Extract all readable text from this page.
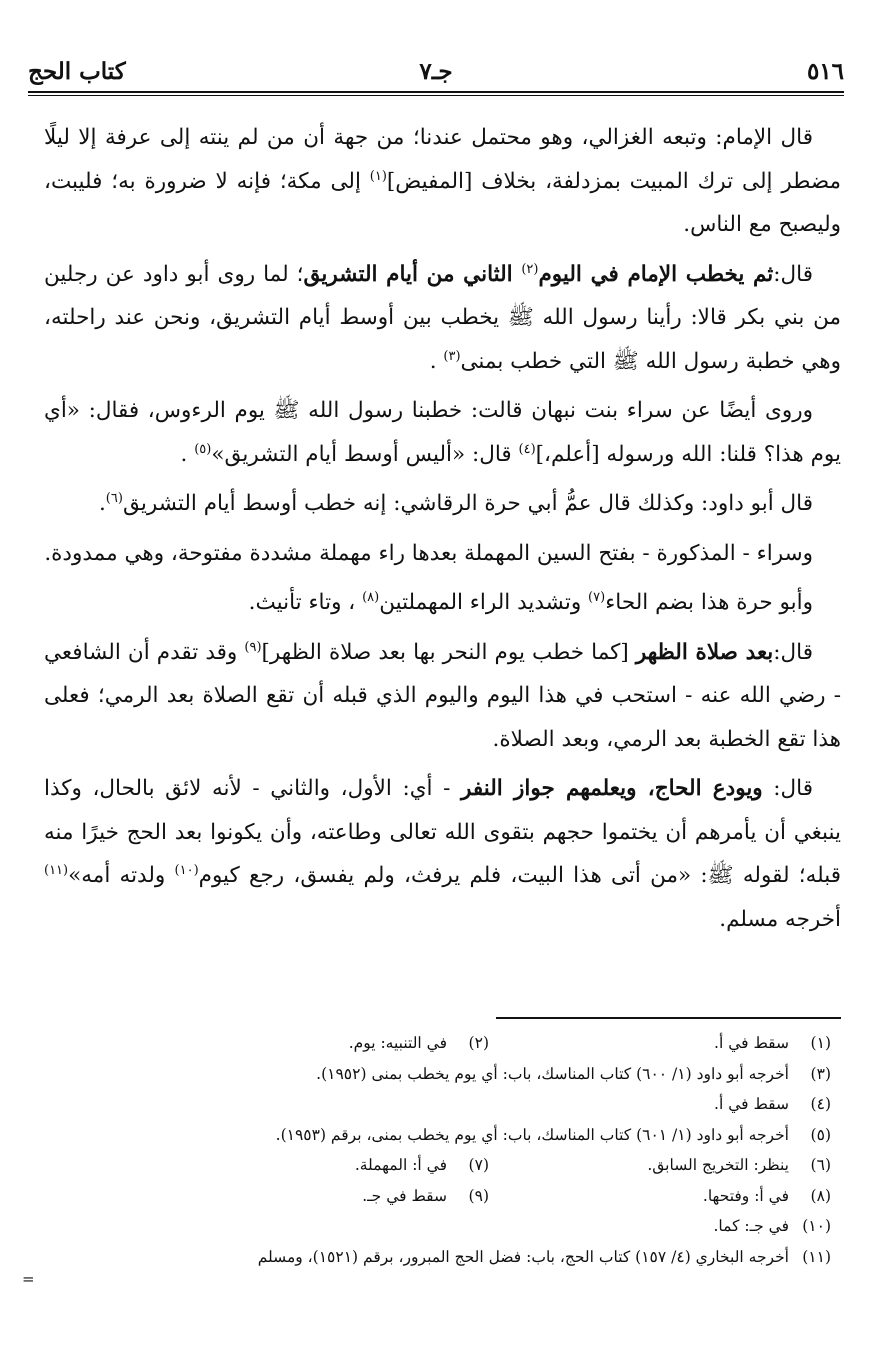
٥١٦
جـ٧
كتاب الحج

قال الإمام: وتبعه الغزالي، وهو محتمل عندنا؛ من جهة أن من لم ينته إلى عرفة إلا ليلًا مضطر إلى ترك المبيت بمزدلفة، بخلاف [المفيض]$^{(١)}$ إلى مكة؛ فإنه لا ضرورة به؛ فليبت، وليصبح مع الناس.

قال:ثم يخطب الإمام في اليوم$^{(٢)}$ الثاني من أيام التشريق؛ لما روى أبو داود عن رجلين من بني بكر قالا: رأينا رسول الله ﷺ يخطب بين أوسط أيام التشريق، ونحن عند راحلته، وهي خطبة رسول الله ﷺ التي خطب بمنى$^{(٣)}$ .

وروى أيضًا عن سراء بنت نبهان قالت: خطبنا رسول الله ﷺ يوم الرءوس، فقال: «أي يوم هذا؟ قلنا: الله ورسوله [أعلم،]$^{(٤)}$ قال: «أليس أوسط أيام التشريق»$^{(٥)}$ .

قال أبو داود: وكذلك قال عمُّ أبي حرة الرقاشي: إنه خطب أوسط أيام التشريق$^{(٦)}$.

وسراء - المذكورة - بفتح السين المهملة بعدها راء مهملة مشددة مفتوحة، وهي ممدودة.

وأبو حرة هذا بضم الحاء$^{(٧)}$ وتشديد الراء المهملتين$^{(٨)}$ ، وتاء تأنيث.

قال:بعد صلاة الظهر [كما خطب يوم النحر بها بعد صلاة الظهر]$^{(٩)}$ وقد تقدم أن الشافعي - رضي الله عنه - استحب في هذا اليوم واليوم الذي قبله أن تقع الصلاة بعد الرمي؛ فعلى هذا تقع الخطبة بعد الرمي، وبعد الصلاة.

قال: ويودع الحاج، ويعلمهم جواز النفر - أي: الأول، والثاني - لأنه لائق بالحال، وكذا ينبغي أن يأمرهم أن يختموا حجهم بتقوى الله تعالى وطاعته، وأن يكونوا بعد الحج خيرًا منه قبله؛ لقوله ﷺ: «من أتى هذا البيت، فلم يرفث، ولم يفسق، رجع كيوم$^{(١٠)}$ ولدته أمه»$^{(١١)}$ أخرجه مسلم.

(١)
سقط في أ.
(٢)
في التنبيه: يوم.
(٣)
أخرجه أبو داود (١/ ٦٠٠) كتاب المناسك، باب: أي يوم يخطب بمنى (١٩٥٢).
(٤)
سقط في أ.
(٥)
أخرجه أبو داود (١/ ٦٠١) كتاب المناسك، باب: أي يوم يخطب بمنى، برقم (١٩٥٣).
(٦)
ينظر: التخريج السابق.
(٧)
في أ: المهملة.
(٨)
في أ: وفتحها.
(٩)
سقط في جـ.
(١٠)
في جـ: كما.
(١١)
أخرجه البخاري (٤/ ١٥٧) كتاب الحج، باب: فضل الحج المبرور، برقم (١٥٢١)، ومسلم
=
